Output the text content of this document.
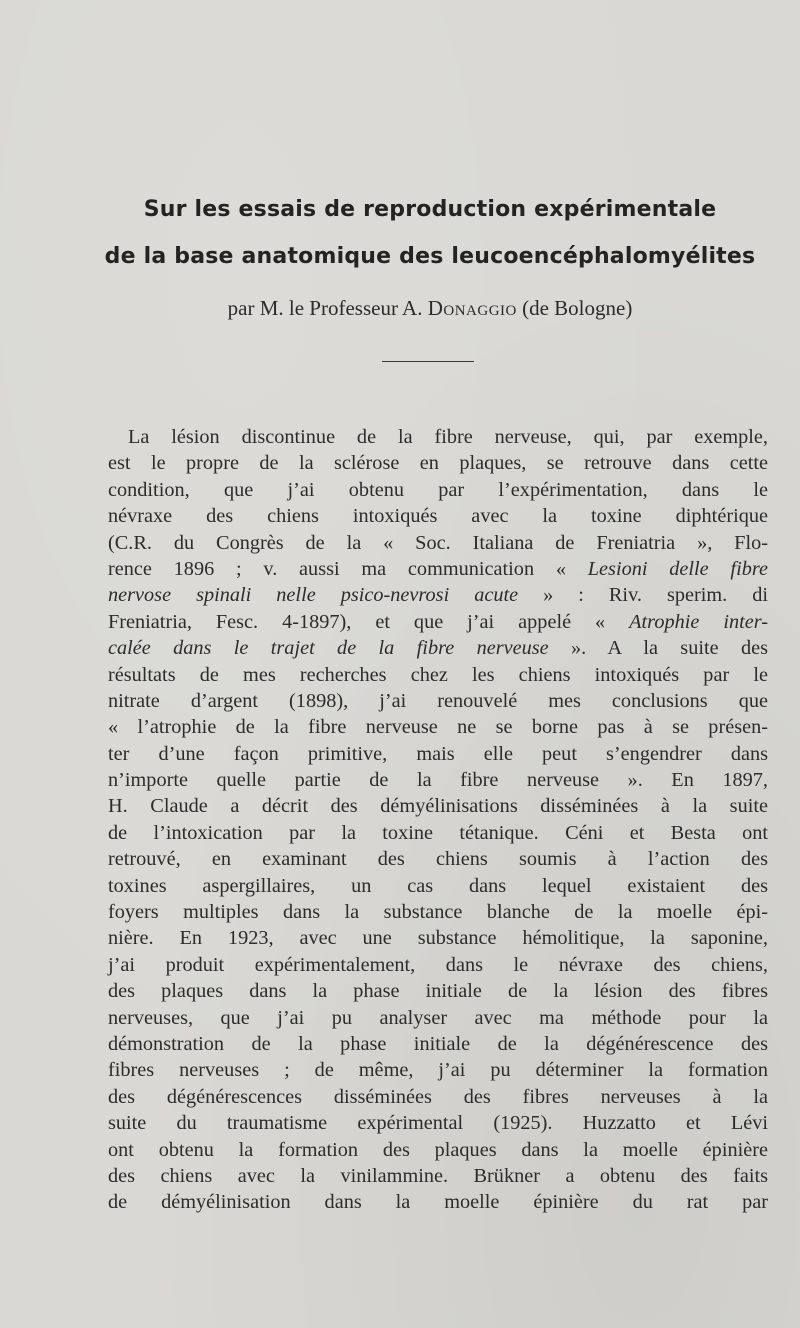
Sur les essais de reproduction expérimentale
de la base anatomique des leucoencéphalomyélites
par M. le Professeur A. Donaggio (de Bologne)
La lésion discontinue de la fibre nerveuse, qui, par exemple,
est le propre de la sclérose en plaques, se retrouve dans cette
condition, que j’ai obtenu par l’expérimentation, dans le
névraxe des chiens intoxiqués avec la toxine diphtérique
(C.R. du Congrès de la « Soc. Italiana de Freniatria », Flo-
rence 1896 ; v. aussi ma communication « Lesioni delle fibre
nervose spinali nelle psico-nevrosi acute » : Riv. sperim. di
Freniatria, Fesc. 4-1897), et que j’ai appelé « Atrophie inter-
calée dans le trajet de la fibre nerveuse ». A la suite des
résultats de mes recherches chez les chiens intoxiqués par le
nitrate d’argent (1898), j’ai renouvelé mes conclusions que
« l’atrophie de la fibre nerveuse ne se borne pas à se présen-
ter d’une façon primitive, mais elle peut s’engendrer dans
n’importe quelle partie de la fibre nerveuse ». En 1897,
H. Claude a décrit des démyélinisations disséminées à la suite
de l’intoxication par la toxine tétanique. Céni et Besta ont
retrouvé, en examinant des chiens soumis à l’action des
toxines aspergillaires, un cas dans lequel existaient des
foyers multiples dans la substance blanche de la moelle épi-
nière. En 1923, avec une substance hémolitique, la saponine,
j’ai produit expérimentalement, dans le névraxe des chiens,
des plaques dans la phase initiale de la lésion des fibres
nerveuses, que j’ai pu analyser avec ma méthode pour la
démonstration de la phase initiale de la dégénérescence des
fibres nerveuses ; de même, j’ai pu déterminer la formation
des dégénérescences disséminées des fibres nerveuses à la
suite du traumatisme expérimental (1925). Huzzatto et Lévi
ont obtenu la formation des plaques dans la moelle épinière
des chiens avec la vinilammine. Brükner a obtenu des faits
de démyélinisation dans la moelle épinière du rat par
